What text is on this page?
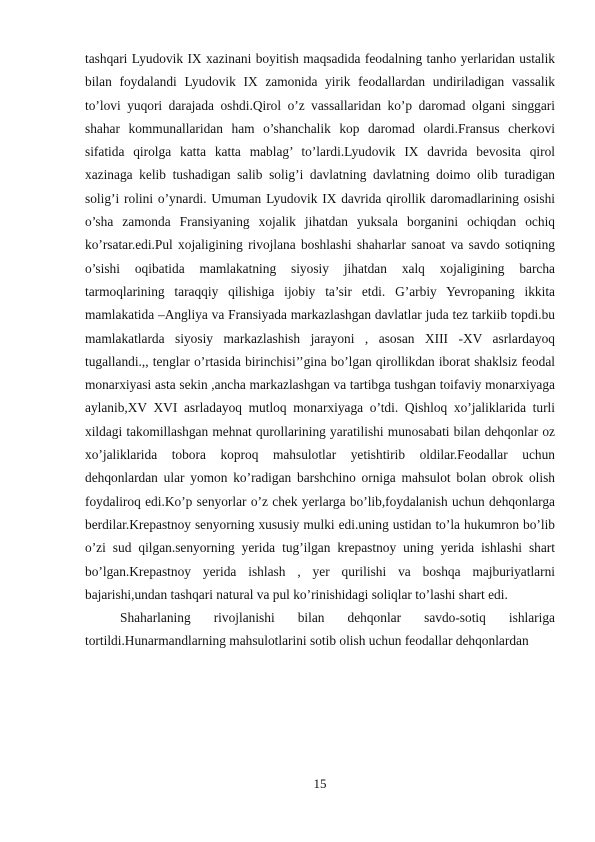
tashqari Lyudovik IX xazinani boyitish maqsadida feodalning tanho yerlaridan ustalik bilan foydalandi Lyudovik IX zamonida yirik feodallardan undiriladigan vassalik to’lovi yuqori darajada oshdi.Qirol o’z vassallaridan ko’p daromad olgani singgari shahar kommunallaridan ham o’shanchalik kop daromad olardi.Fransus cherkovi sifatida qirolga katta katta mablag’ to’lardi.Lyudovik IX davrida bevosita qirol xazinaga kelib tushadigan salib solig’i davlatning davlatning doimo olib turadigan solig’i rolini o’ynardi. Umuman Lyudovik IX davrida qirollik daromadlarining osishi o’sha zamonda Fransiyaning xojalik jihatdan yuksala borganini ochiqdan ochiq ko’rsatar.edi.Pul xojaligining rivojlana boshlashi shaharlar sanoat va savdo sotiqning o’sishi oqibatida mamlakatning siyosiy jihatdan xalq xojaligining barcha tarmoqlarining taraqqiy qilishiga ijobiy ta’sir etdi. G’arbiy Yevropaning ikkita mamlakatida –Angliya va Fransiyada markazlashgan davlatlar juda tez tarkiib topdi.bu mamlakatlarda siyosiy markazlashish jarayoni , asosan XIII -XV asrlardayoq tugallandi.,, tenglar o’rtasida birinchisi’’gina bo’lgan qirollikdan iborat shaklsiz feodal monarxiyasi asta sekin ,ancha markazlashgan va tartibga tushgan toifaviy monarxiyaga aylanib,XV XVI asrladayoq mutloq monarxiyaga o’tdi. Qishloq xo’jaliklarida turli xildagi takomillashgan mehnat qurollarining yaratilishi munosabati bilan dehqonlar oz xo’jaliklarida tobora koproq mahsulotlar yetishtirib oldilar.Feodallar uchun dehqonlardan ular yomon ko’radigan barshchino orniga mahsulot bolan obrok olish foydaliroq edi.Ko’p senyorlar o’z chek yerlarga bo’lib,foydalanish uchun dehqonlarga berdilar.Krepastnoy senyorning xususiy mulki edi.uning ustidan to’la hukumron bo’lib o’zi sud qilgan.senyorning yerida tug’ilgan krepastnoy uning yerida ishlashi shart bo’lgan.Krepastnoy yerida ishlash , yer qurilishi va boshqa majburiyatlarni bajarishi,undan tashqari natural va pul ko’rinishidagi soliqlar to’lashi shart edi.

Shaharlaning rivojlanishi bilan dehqonlar savdo-sotiq ishlariga tortildi.Hunarmandlarning mahsulotlarini sotib olish uchun feodallar dehqonlardan

15
